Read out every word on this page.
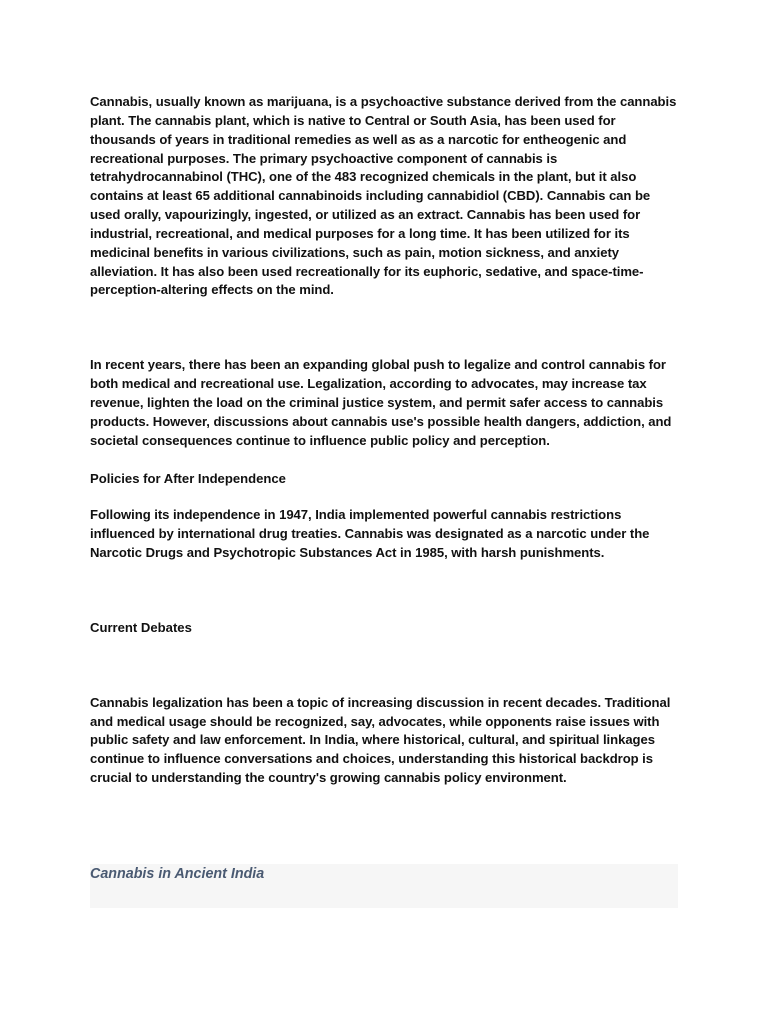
Cannabis, usually known as marijuana, is a psychoactive substance derived from the cannabis plant. The cannabis plant, which is native to Central or South Asia, has been used for thousands of years in traditional remedies as well as as a narcotic for entheogenic and recreational purposes. The primary psychoactive component of cannabis is tetrahydrocannabinol (THC), one of the 483 recognized chemicals in the plant, but it also contains at least 65 additional cannabinoids including cannabidiol (CBD). Cannabis can be used orally, vapourizingly, ingested, or utilized as an extract. Cannabis has been used for industrial, recreational, and medical purposes for a long time. It has been utilized for its medicinal benefits in various civilizations, such as pain, motion sickness, and anxiety alleviation. It has also been used recreationally for its euphoric, sedative, and space-time-perception-altering effects on the mind.

In recent years, there has been an expanding global push to legalize and control cannabis for both medical and recreational use. Legalization, according to advocates, may increase tax revenue, lighten the load on the criminal justice system, and permit safer access to cannabis products. However, discussions about cannabis use's possible health dangers, addiction, and societal consequences continue to influence public policy and perception.

Policies for After Independence

Following its independence in 1947, India implemented powerful cannabis restrictions influenced by international drug treaties. Cannabis was designated as a narcotic under the Narcotic Drugs and Psychotropic Substances Act in 1985, with harsh punishments.

Current Debates

Cannabis legalization has been a topic of increasing discussion in recent decades. Traditional and medical usage should be recognized, say, advocates, while opponents raise issues with public safety and law enforcement. In India, where historical, cultural, and spiritual linkages continue to influence conversations and choices, understanding this historical backdrop is crucial to understanding the country's growing cannabis policy environment.

Cannabis in Ancient India
